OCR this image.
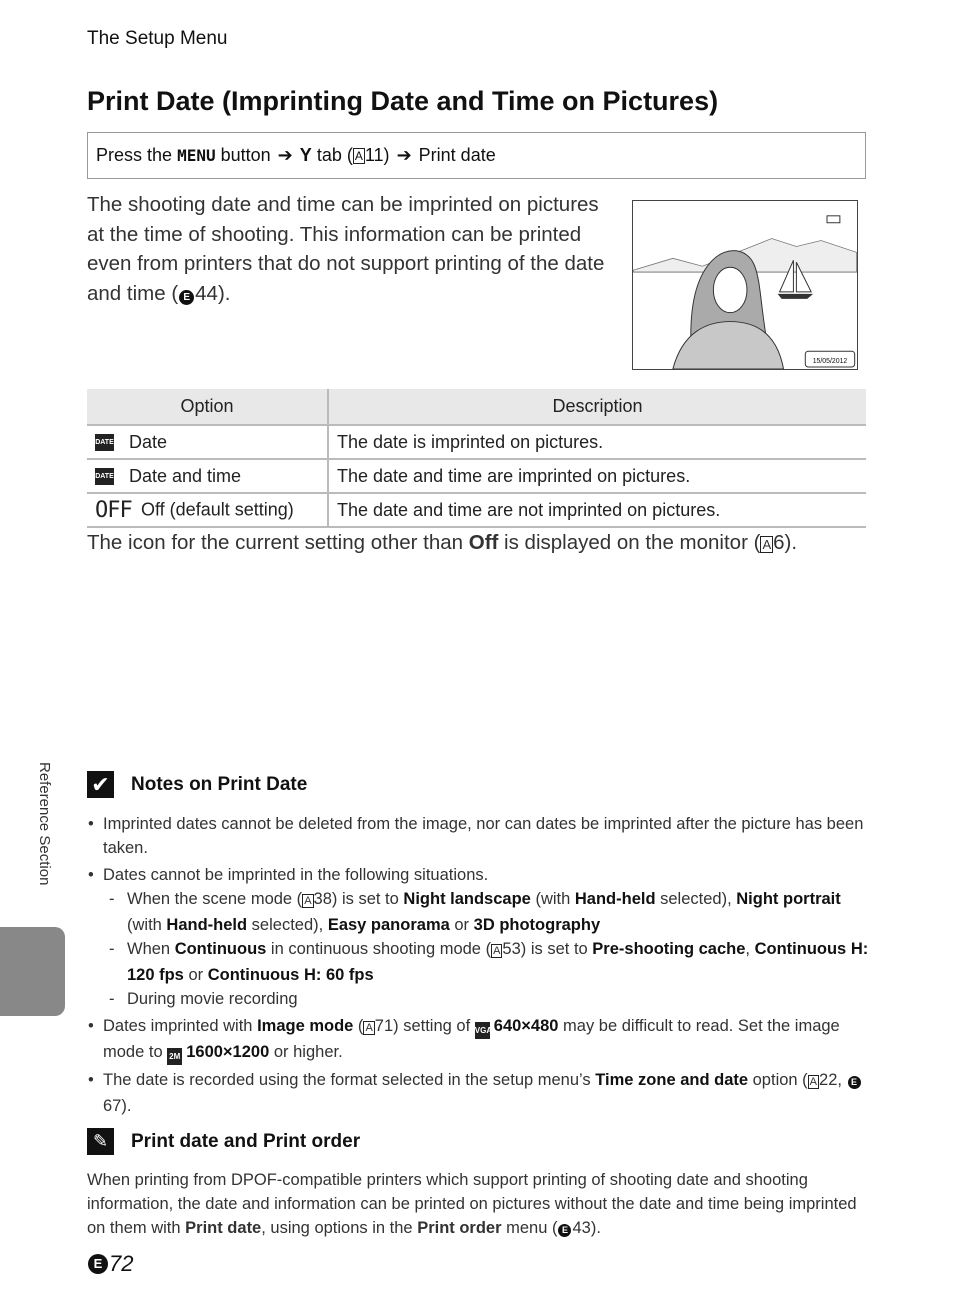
The Setup Menu
Print Date (Imprinting Date and Time on Pictures)
Press the
MENU
button
➔
Y
tab ( A 11)
➔
Print date
The shooting date and time can be imprinted on pictures at the time of shooting. This information can be printed even from printers that do not support printing of the date and time ( E 44).
15/05/2012
Option	Description
DATE Date	The date is imprinted on pictures.
DATE Date and time	The date and time are imprinted on pictures.
OFF Off (default setting)	The date and time are not imprinted on pictures.
The icon for the current setting other than Off is displayed on the monitor ( A6).
Reference Section ✔ Notes on Print Date
• Imprinted dates cannot be deleted from the image, nor can dates be imprinted after the picture has been taken.
• Dates cannot be imprinted in the following situations.
- When the scene mode ( A 38) is set to Night landscape (with Hand-held selected), Night portrait (with Hand-held selected), Easy panorama or 3D photography
- When Continuous in continuous shooting mode ( A 53) is set to Pre-shooting cache, Continuous H: 120 fps or Continuous H: 60 fps
- During movie recording
• Dates imprinted with Image mode ( A 71) setting of VGA 640×480 may be difficult to read. Set the image mode to 2M 1600×1200 or higher.
• The date is recorded using the format selected in the setup menu’s Time zone and date option ( A 22, E67).
✎	Print date and Print order
When printing from DPOF-compatible printers which support printing of shooting date and shooting information, the date and information can be printed on pictures without the date and time being imprinted on them with Print date, using options in the Print order menu ( E 43).
E 72
